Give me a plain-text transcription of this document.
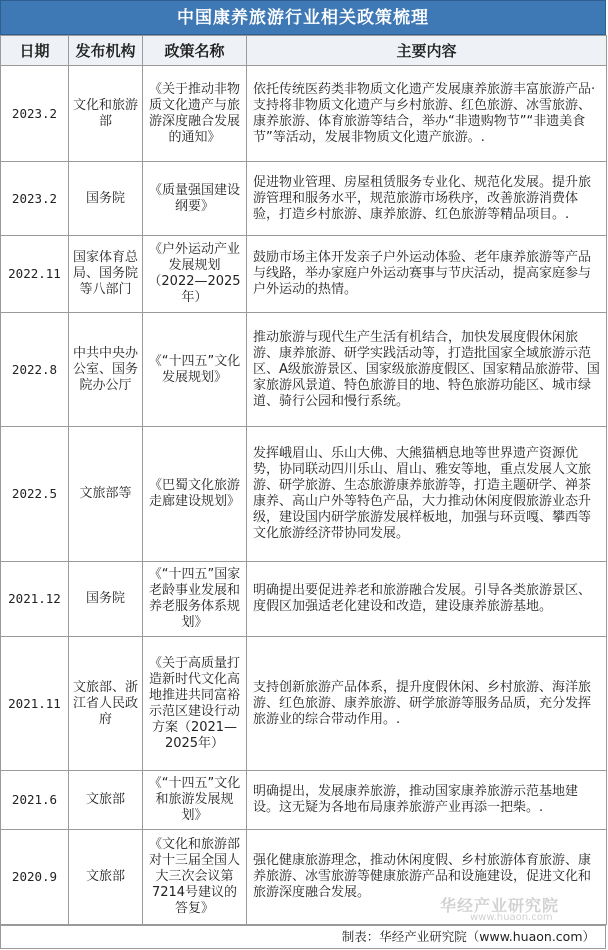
中国康养旅游行业相关政策梳理
日期	发布机构	政策名称	主要内容
2023.2	文化和旅游部	《关于推动非物质文化遗产与旅游深度融合发展的通知》	依托传统医药类非物质文化遗产发展康养旅游丰富旅游产品·支持将非物质文化遗产与乡村旅游、红色旅游、冰雪旅游、康养旅游、体育旅游等结合，举办“非遗购物节”“非遗美食节”等活动，发展非物质文化遗产旅游。.
2023.2	国务院	《质量强国建设纲要》	促进物业管理、房屋租赁服务专业化、规范化发展。提升旅游管理和服务水平，规范旅游市场秩序，改善旅游消费体验，打造乡村旅游、康养旅游、红色旅游等精品项目。.
2022.11	国家体育总局、国务院等八部门	《户外运动产业发展规划（2022—2025年）	鼓励市场主体开发亲子户外运动体验、老年康养旅游等产品与线路，举办家庭户外运动赛事与节庆活动，提高家庭参与户外运动的热情。
2022.8	中共中央办公室、国务院办公厅	《“十四五”文化发展规划》	推动旅游与现代生产生活有机结合，加快发展度假休闲旅游、康养旅游、研学实践活动等，打造批国家全域旅游示范区、A级旅游景区、国家级旅游度假区、国家精品旅游带、国家旅游风景道、特色旅游目的地、特色旅游功能区、城市绿道、骑行公园和慢行系统。
2022.5	文旅部等	《巴蜀文化旅游走廊建设规划》	发挥峨眉山、乐山大佛、大熊猫栖息地等世界遗产资源优势，协同联动四川乐山、眉山、雅安等地，重点发展人文旅游、研学旅游、生态旅游康养旅游等，打造主题研学、禅茶康养、高山户外等特色产品，大力推动休闲度假旅游业态升级，建设国内研学旅游发展样板地，加强与环贡嘎、攀西等文化旅游经济带协同发展。
2021.12	国务院	《“十四五”国家老龄事业发展和养老服务体系规划》	明确提出要促进养老和旅游融合发展。引导各类旅游景区、度假区加强适老化建设和改造，建设康养旅游基地。
2021.11	文旅部、浙江省人民政府	《关于高质量打造新时代文化高地推进共同富裕示范区建设行动方案（2021—2025年）	支持创新旅游产品体系，提升度假休闲、乡村旅游、海洋旅游、红色旅游、康养旅游、研学旅游等服务品质，充分发挥旅游业的综合带动作用。.
2021.6	文旅部	《“十四五”文化和旅游发展规划》	明确提出，发展康养旅游，推动国家康养旅游示范基地建设。这无疑为各地布局康养旅游产业再添一把柴。.
2020.9	文旅部	《文化和旅游部对十三届全国人大三次会议第7214号建议的答复》	强化健康旅游理念，推动休闲度假、乡村旅游体育旅游、康养旅游、冰雪旅游等健康旅游产品和设施建设，促进文化和旅游深度融合发展。
华经产业研究院
www.huaon.com
制表：华经产业研究院（www.huaon.com）
